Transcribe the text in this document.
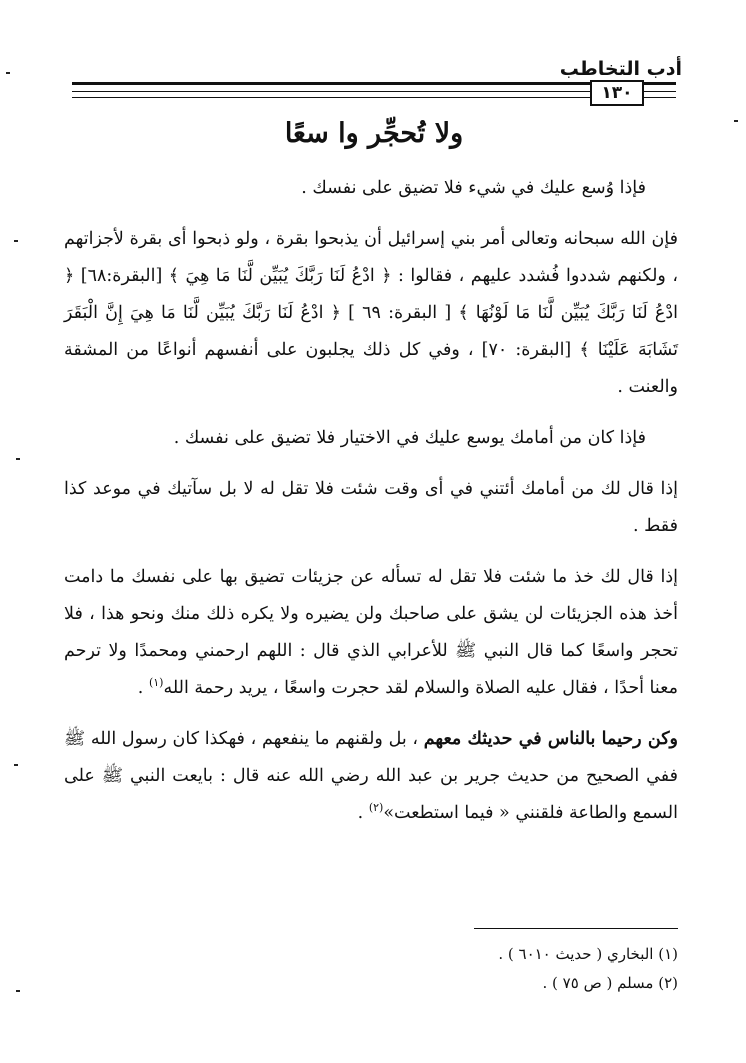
أدب التخاطب
١٣٠
ولا تُحجِّر وا سعًا

فإذا وُسع عليك في شيء فلا تضيق على نفسك .

فإن الله سبحانه وتعالى أمر بني إسرائيل أن يذبحوا بقرة ، ولو ذبحوا أى بقرة لأجزاتهم ، ولكنهم شددوا فُشدد عليهم ، فقالوا : ﴿ ادْعُ لَنَا رَبَّكَ يُبَيِّن لَّنَا مَا هِيَ ﴾ [البقرة:٦٨] ﴿ ادْعُ لَنَا رَبَّكَ يُبَيِّن لَّنَا مَا لَوْنُهَا ﴾ [ البقرة: ٦٩ ] ﴿ ادْعُ لَنَا رَبَّكَ يُبَيِّن لَّنَا مَا هِيَ إِنَّ الْبَقَرَ تَشَابَهَ عَلَيْنَا ﴾ [البقرة: ٧٠] ، وفي كل ذلك يجلبون على أنفسهم أنواعًا من المشقة والعنت .

فإذا كان من أمامك يوسع عليك في الاختيار فلا تضيق على نفسك .

إذا قال لك من أمامك أئتني في أى وقت شئت فلا تقل له لا بل سآتيك في موعد كذا فقط .

إذا قال لك خذ ما شئت فلا تقل له تسأله عن جزيئات تضيق بها على نفسك ما دامت أخذ هذه الجزيئات لن يشق على صاحبك ولن يضيره ولا يكره ذلك منك ونحو هذا ، فلا تحجر واسعًا كما قال النبي ﷺ للأعرابي الذي قال : اللهم ارحمني ومحمدًا ولا ترحم معنا أحدًا ، فقال عليه الصلاة والسلام لقد حجرت واسعًا ، يريد رحمة الله$^{(١)}$ .

وكن رحيما بالناس في حديثك معهم ، بل ولقنهم ما ينفعهم ، فهكذا كان رسول الله ﷺ ففي الصحيح من حديث جرير بن عبد الله رضي الله عنه قال : بايعت النبي ﷺ على السمع والطاعة فلقنني « فيما استطعت»$^{(٢)}$ .

(١) البخاري ( حديث ٦٠١٠ ) .
(٢) مسلم ( ص ٧٥ ) .
